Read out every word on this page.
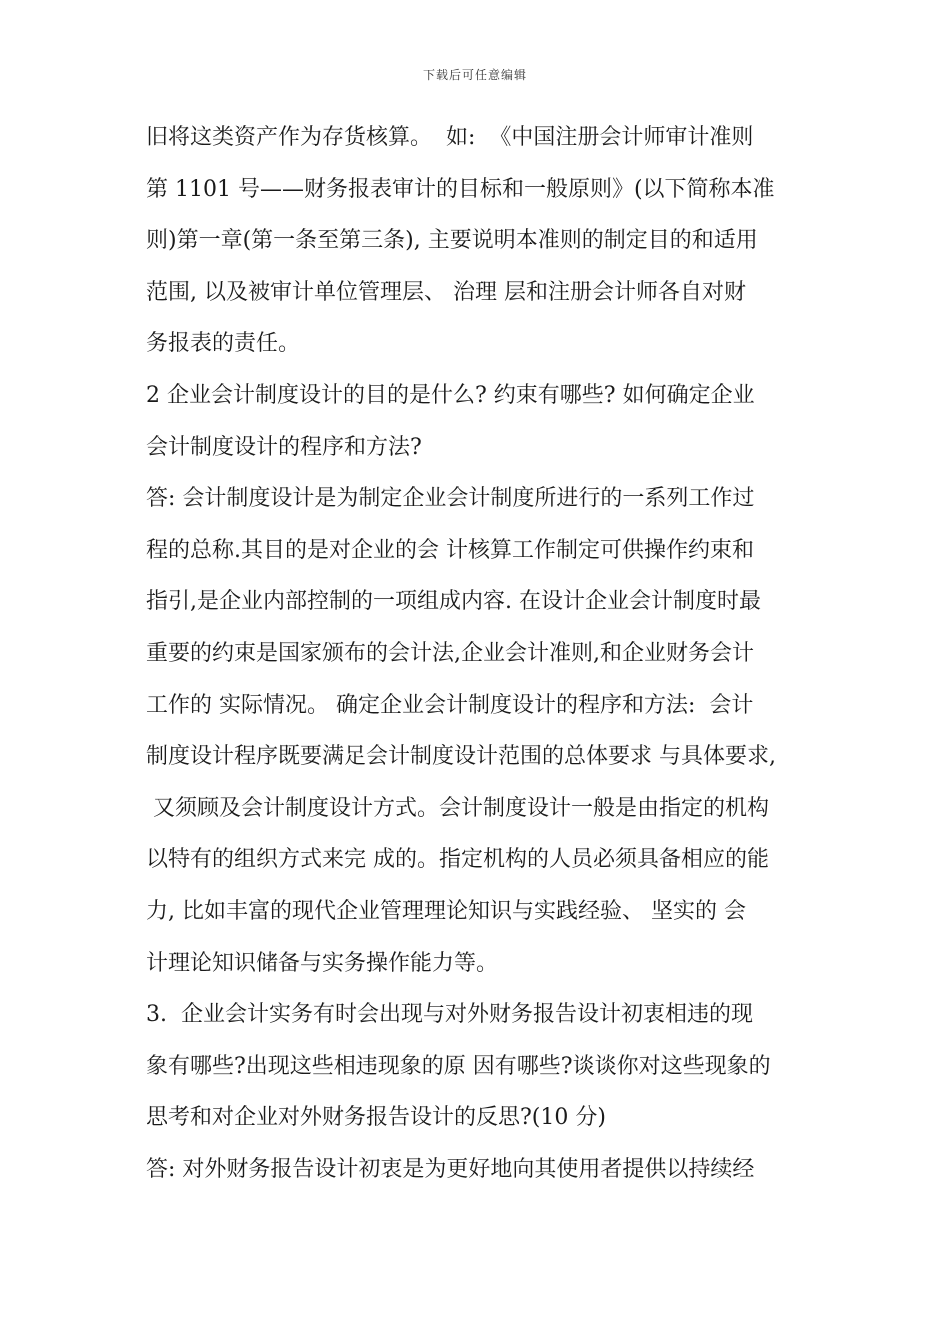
下载后可任意编辑
旧将这类资产作为存货核算。  如:  《中国注册会计师审计准则
第 1101 号——财务报表审计的目标和一般原则》(以下简称本准
则)第一章(第一条至第三条), 主要说明本准则的制定目的和适用
范围, 以及被审计单位管理层、 治理 层和注册会计师各自对财
务报表的责任。
2 企业会计制度设计的目的是什么? 约束有哪些? 如何确定企业
会计制度设计的程序和方法?
答: 会计制度设计是为制定企业会计制度所进行的一系列工作过
程的总称.其目的是对企业的会 计核算工作制定可供操作约束和
指引,是企业内部控制的一项组成内容. 在设计企业会计制度时最
重要的约束是国家颁布的会计法,企业会计准则,和企业财务会计
工作的 实际情况。 确定企业会计制度设计的程序和方法:  会计
制度设计程序既要满足会计制度设计范围的总体要求 与具体要求,
又须顾及会计制度设计方式。会计制度设计一般是由指定的机构
以特有的组织方式来完 成的。指定机构的人员必须具备相应的能
力, 比如丰富的现代企业管理理论知识与实践经验、 坚实的 会
计理论知识储备与实务操作能力等。
3.  企业会计实务有时会出现与对外财务报告设计初衷相违的现
象有哪些?出现这些相违现象的原 因有哪些?谈谈你对这些现象的
思考和对企业对外财务报告设计的反思?(10 分)
答: 对外财务报告设计初衷是为更好地向其使用者提供以持续经
